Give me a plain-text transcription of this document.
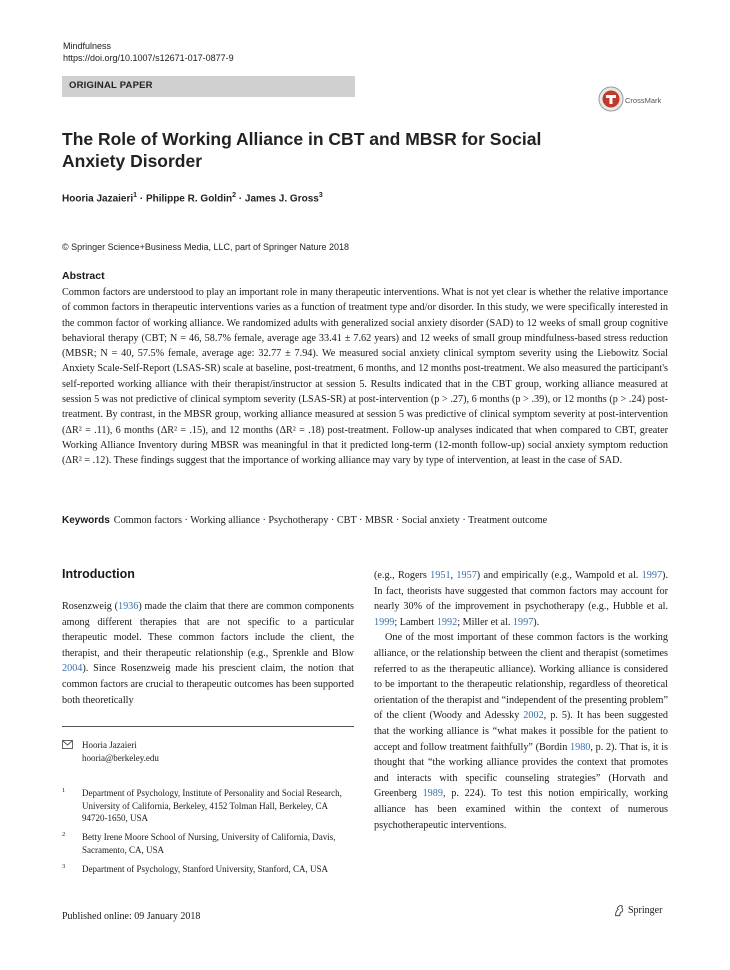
Mindfulness
https://doi.org/10.1007/s12671-017-0877-9
ORIGINAL PAPER
CrossMark
The Role of Working Alliance in CBT and MBSR for Social
Anxiety Disorder
Hooria Jazaieri$^1$ · Philippe R. Goldin$^2$ · James J. Gross$^3$
© Springer Science+Business Media, LLC, part of Springer Nature 2018
Abstract
Common factors are understood to play an important role in many therapeutic interventions. What is not yet clear is whether the relative importance of common factors in therapeutic interventions varies as a function of treatment type and/or disorder. In this study, we were specifically interested in the common factor of working alliance. We randomized adults with generalized social anxiety disorder (SAD) to 12 weeks of small group cognitive behavioral therapy (CBT; N = 46, 58.7% female, average age 33.41 ± 7.62 years) and 12 weeks of small group mindfulness-based stress reduction (MBSR; N = 40, 57.5% female, average age: 32.77 ± 7.94). We measured social anxiety clinical symptom severity using the Liebowitz Social Anxiety Scale-Self-Report (LSAS-SR) scale at baseline, post-treatment, 6 months, and 12 months post-treatment. We also measured the participant's self-reported working alliance with their therapist/instructor at session 5. Results indicated that in the CBT group, working alliance measured at session 5 was not predictive of clinical symptom severity (LSAS-SR) at post-intervention (p > .27), 6 months (p > .39), or 12 months (p > .24) post-treatment. By contrast, in the MBSR group, working alliance measured at session 5 was predictive of clinical symptom severity at post-intervention (ΔR² = .11), 6 months (ΔR² = .15), and 12 months (ΔR² = .18) post-treatment. Follow-up analyses indicated that when compared to CBT, greater Working Alliance Inventory during MBSR was meaningful in that it predicted long-term (12-month follow-up) social anxiety symptom reduction (ΔR² = .12). These findings suggest that the importance of working alliance may vary by type of intervention, at least in the case of SAD.
Keywords Common factors · Working alliance · Psychotherapy · CBT · MBSR · Social anxiety · Treatment outcome
Introduction

Rosenzweig (1936) made the claim that there are common components among different therapies that are not specific to a particular therapeutic model. These common factors include the client, the therapist, and their therapeutic relationship (e.g., Sprenkle and Blow 2004). Since Rosenzweig made his prescient claim, the notion that common factors are crucial to therapeutic outcomes has been supported both theoretically

(e.g., Rogers 1951, 1957) and empirically (e.g., Wampold et al. 1997). In fact, theorists have suggested that common factors may account for nearly 30% of the improvement in psychotherapy (e.g., Hubble et al. 1999; Lambert 1992; Miller et al. 1997).

One of the most important of these common factors is the working alliance, or the relationship between the client and therapist (sometimes referred to as the therapeutic alliance). Working alliance is considered to be important to the therapeutic relationship, regardless of theoretical orientation of the therapist and “independent of the presenting problem” of the client (Woody and Adessky 2002, p. 5). It has been suggested that the working alliance is “what makes it possible for the patient to accept and follow treatment faithfully” (Bordin 1980, p. 2). That is, it is thought that “the working alliance provides the context that promotes and interacts with specific counseling strategies” (Horvath and Greenberg 1989, p. 224). To test this notion empirically, working alliance has been examined within the context of numerous psychotherapeutic interventions.

Hooria Jazaieri
hooria@berkeley.edu
1 Department of Psychology, Institute of Personality and Social Research, University of California, Berkeley, 4152 Tolman Hall, Berkeley, CA 94720-1650, USA
2 Betty Irene Moore School of Nursing, University of California, Davis, Sacramento, CA, USA
3 Department of Psychology, Stanford University, Stanford, CA, USA
Published online: 09 January 2018
Springer
